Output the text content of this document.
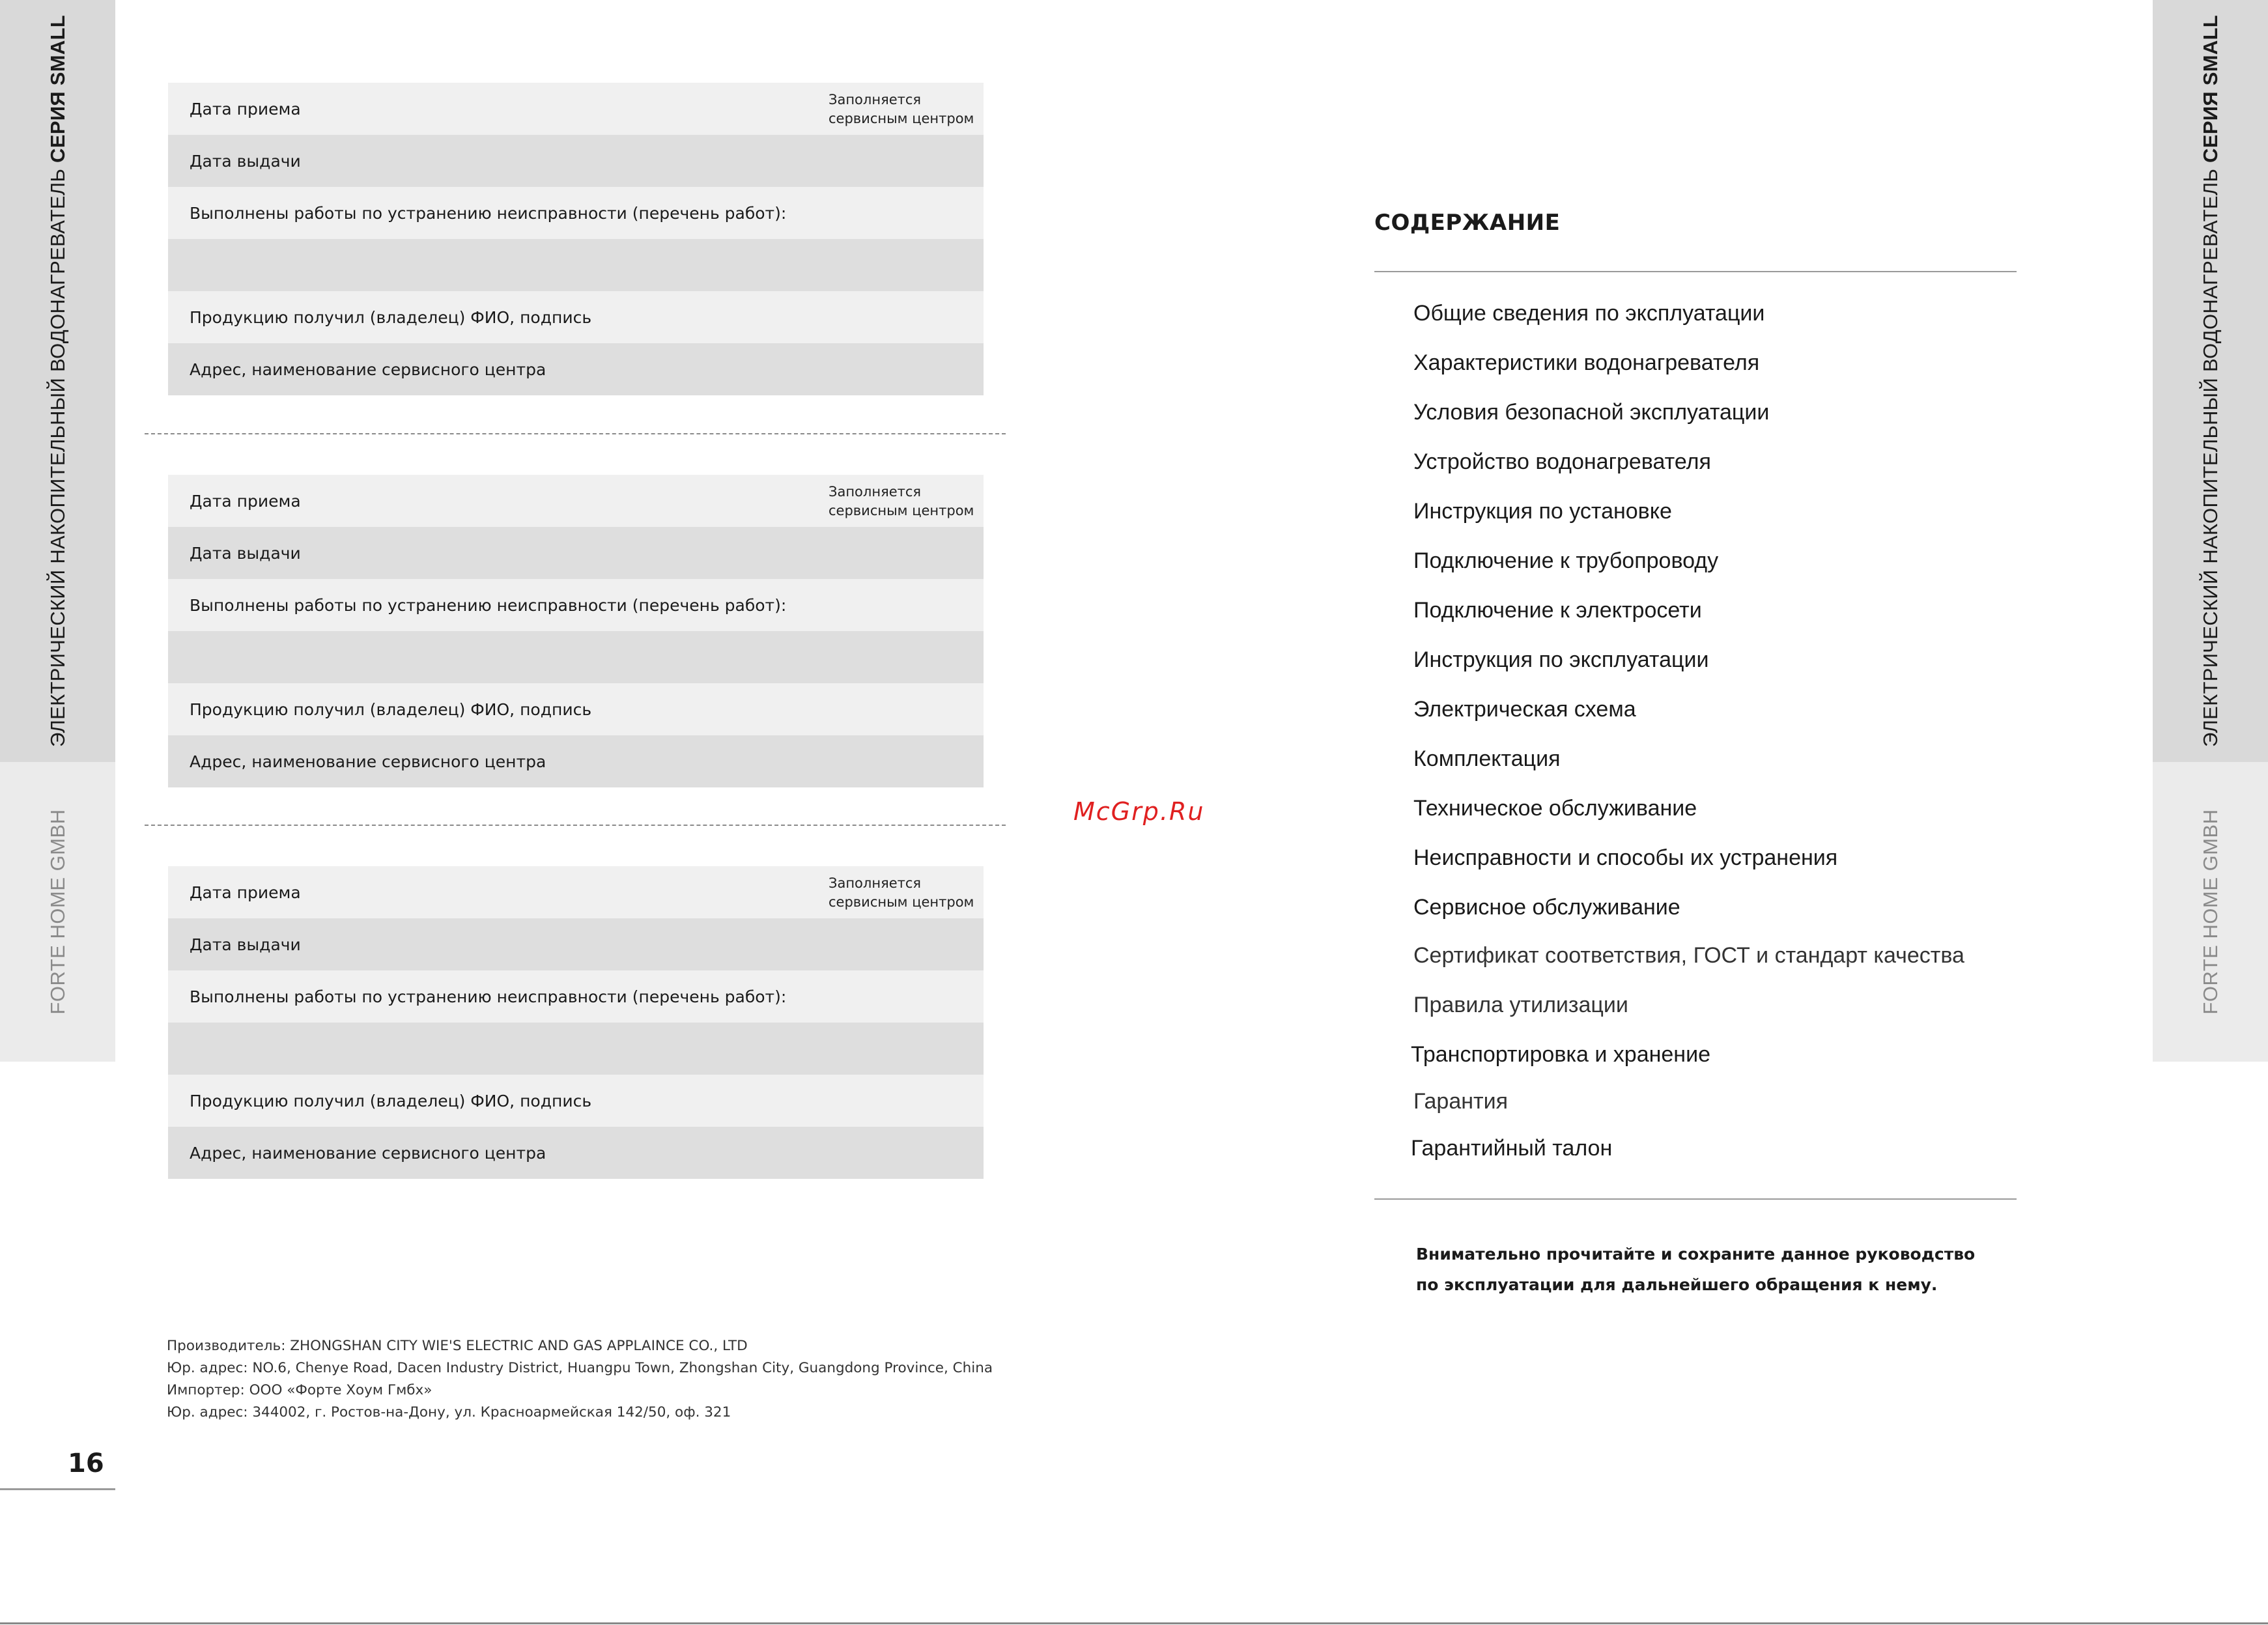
ЭЛЕКТРИЧЕСКИЙ НАКОПИТЕЛЬНЫЙ ВОДОНАГРЕВАТЕЛЬ СЕРИЯ SMALL
FORTE HOME GMBH
ЭЛЕКТРИЧЕСКИЙ НАКОПИТЕЛЬНЫЙ ВОДОНАГРЕВАТЕЛЬ СЕРИЯ SMALL
FORTE HOME GMBH
Дата приема	Заполняется
сервисным центром
Дата выдачи
Выполнены работы по устранению неисправности (перечень работ):
Продукцию получил (владелец) ФИО, подпись
Адрес, наименование сервисного центра
Дата приема	Заполняется
сервисным центром
Дата выдачи
Выполнены работы по устранению неисправности (перечень работ):
Продукцию получил (владелец) ФИО, подпись
Адрес, наименование сервисного центра
Дата приема	Заполняется
сервисным центром
Дата выдачи
Выполнены работы по устранению неисправности (перечень работ):
Продукцию получил (владелец) ФИО, подпись
Адрес, наименование сервисного центра
Производитель: ZHONGSHAN CITY WIE'S ELECTRIC AND GAS APPLAINCE CO., LTD
Юр. адрес: NO.6, Chenye Road, Dacen Industry District, Huangpu Town, Zhongshan City, Guangdong Province, China
Импортер: ООО «Форте Хоум Гмбх»
Юр. адрес: 344002, г. Ростов-на-Дону, ул. Красноармейская 142/50, оф. 321
16
McGrp.Ru
СОДЕРЖАНИЕ
Общие сведения по эксплуатации
Характеристики водонагревателя
Условия безопасной эксплуатации
Устройство водонагревателя
Инструкция по установке
Подключение к трубопроводу
Подключение к электросети
Инструкция по эксплуатации
Электрическая схема
Комплектация
Техническое обслуживание
Неисправности и способы их устранения
Сервисное обслуживание
Сертификат соответствия, ГОСТ и стандарт качества
Правила утилизации
Транспортировка и хранение
Гарантия
Гарантийный талон
Внимательно прочитайте и сохраните данное руководство
по эксплуатации для дальнейшего обращения к нему.
